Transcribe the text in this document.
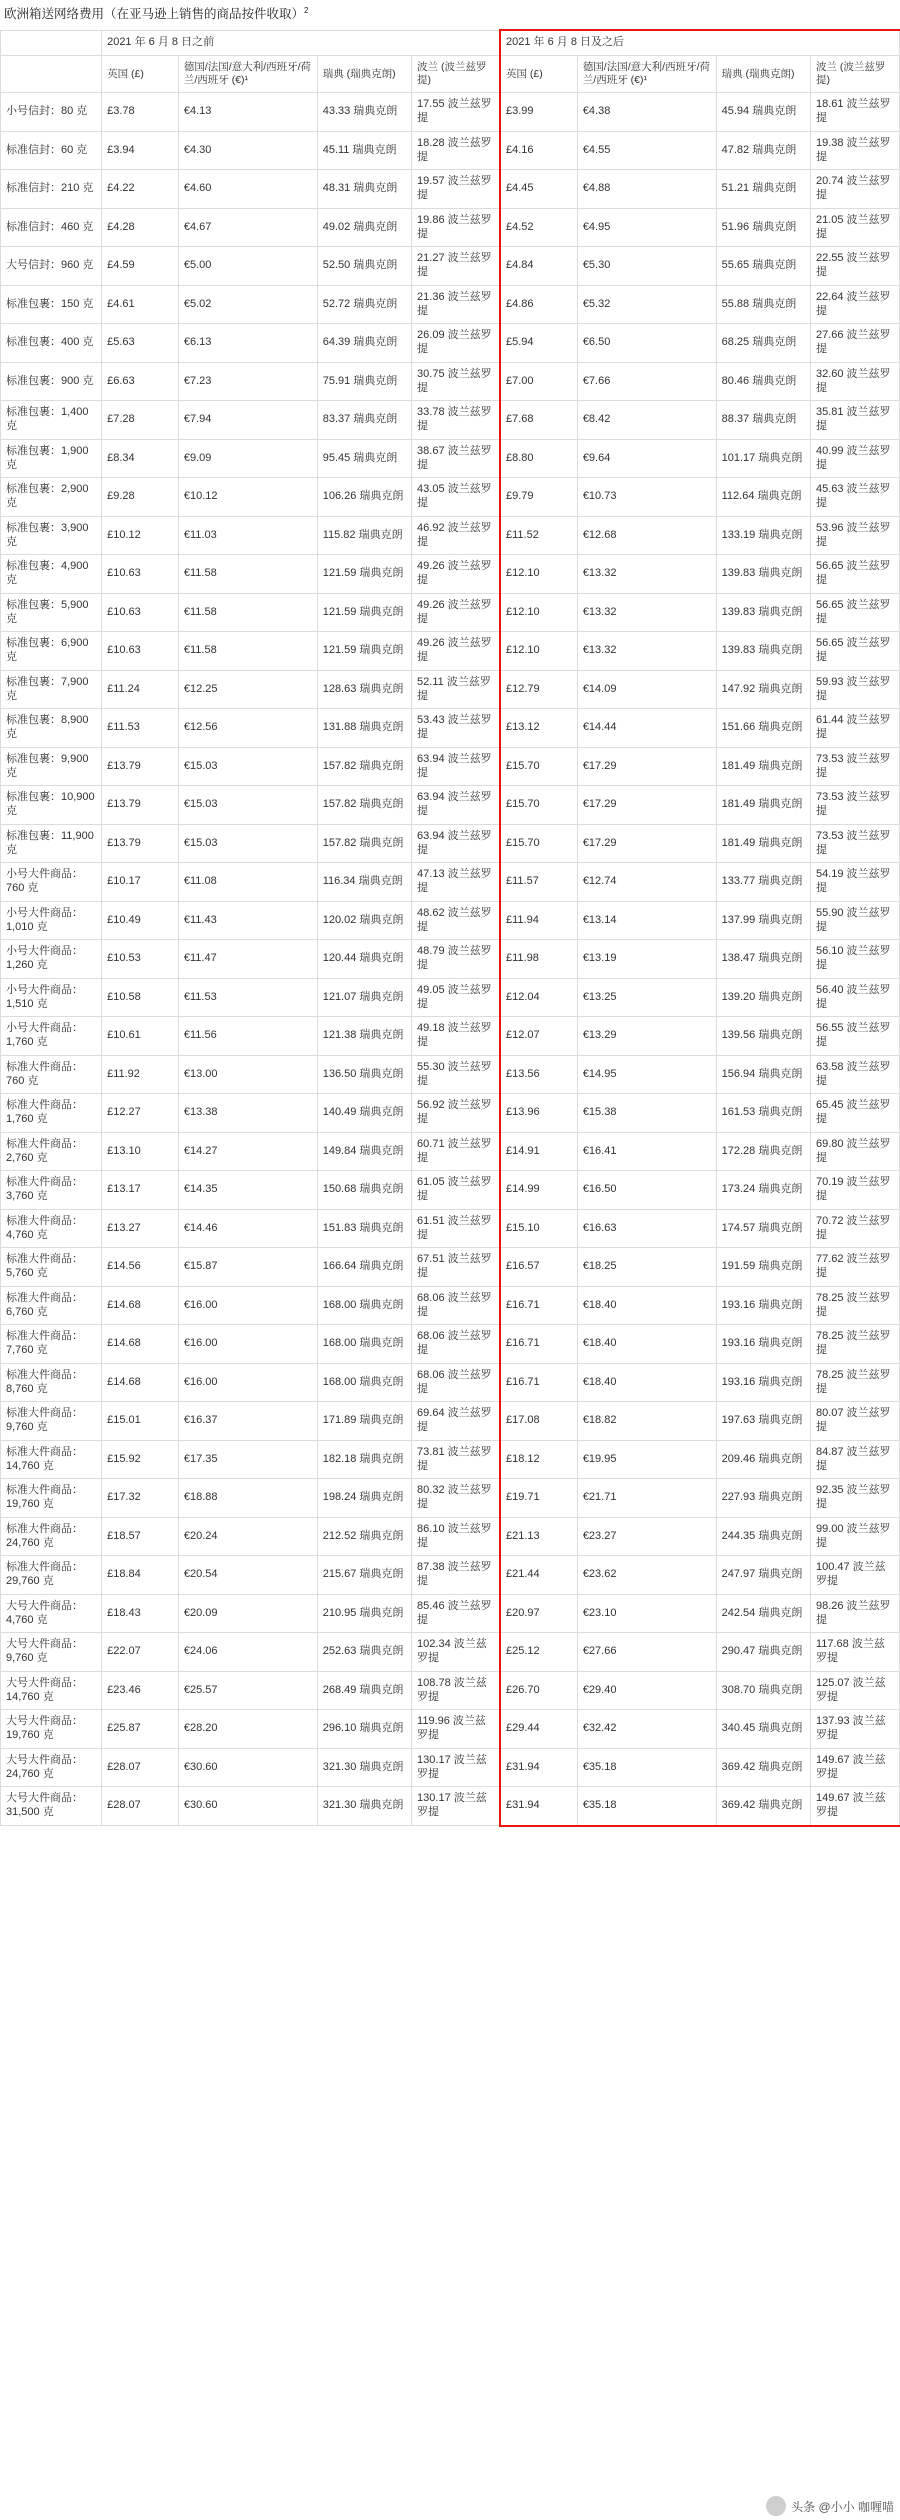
欧洲箱送网络费用（在亚马逊上销售的商品按件收取）$^2$
	2021 年 6 月 8 日之前				2021 年 6 月 8 日及之后			
	英国 (£)	德国/法国/意大利/西班牙/荷兰/西班牙 (€)¹	瑞典 (瑞典克朗)	波兰 (波兰兹罗提)	英国 (£)	德国/法国/意大利/西班牙/荷兰/西班牙 (€)¹	瑞典 (瑞典克朗)	波兰 (波兰兹罗提)
小号信封：80 克	£3.78	€4.13	43.33 瑞典克朗	17.55 波兰兹罗提	£3.99	€4.38	45.94 瑞典克朗	18.61 波兰兹罗提
标准信封：60 克	£3.94	€4.30	45.11 瑞典克朗	18.28 波兰兹罗提	£4.16	€4.55	47.82 瑞典克朗	19.38 波兰兹罗提
标准信封：210 克	£4.22	€4.60	48.31 瑞典克朗	19.57 波兰兹罗提	£4.45	€4.88	51.21 瑞典克朗	20.74 波兰兹罗提
标准信封：460 克	£4.28	€4.67	49.02 瑞典克朗	19.86 波兰兹罗提	£4.52	€4.95	51.96 瑞典克朗	21.05 波兰兹罗提
大号信封：960 克	£4.59	€5.00	52.50 瑞典克朗	21.27 波兰兹罗提	£4.84	€5.30	55.65 瑞典克朗	22.55 波兰兹罗提
标准包裹：150 克	£4.61	€5.02	52.72 瑞典克朗	21.36 波兰兹罗提	£4.86	€5.32	55.88 瑞典克朗	22.64 波兰兹罗提
标准包裹：400 克	£5.63	€6.13	64.39 瑞典克朗	26.09 波兰兹罗提	£5.94	€6.50	68.25 瑞典克朗	27.66 波兰兹罗提
标准包裹：900 克	£6.63	€7.23	75.91 瑞典克朗	30.75 波兰兹罗提	£7.00	€7.66	80.46 瑞典克朗	32.60 波兰兹罗提
标准包裹：1,400 克	£7.28	€7.94	83.37 瑞典克朗	33.78 波兰兹罗提	£7.68	€8.42	88.37 瑞典克朗	35.81 波兰兹罗提
标准包裹：1,900 克	£8.34	€9.09	95.45 瑞典克朗	38.67 波兰兹罗提	£8.80	€9.64	101.17 瑞典克朗	40.99 波兰兹罗提
标准包裹：2,900 克	£9.28	€10.12	106.26 瑞典克朗	43.05 波兰兹罗提	£9.79	€10.73	112.64 瑞典克朗	45.63 波兰兹罗提
标准包裹：3,900 克	£10.12	€11.03	115.82 瑞典克朗	46.92 波兰兹罗提	£11.52	€12.68	133.19 瑞典克朗	53.96 波兰兹罗提
标准包裹：4,900 克	£10.63	€11.58	121.59 瑞典克朗	49.26 波兰兹罗提	£12.10	€13.32	139.83 瑞典克朗	56.65 波兰兹罗提
标准包裹：5,900 克	£10.63	€11.58	121.59 瑞典克朗	49.26 波兰兹罗提	£12.10	€13.32	139.83 瑞典克朗	56.65 波兰兹罗提
标准包裹：6,900 克	£10.63	€11.58	121.59 瑞典克朗	49.26 波兰兹罗提	£12.10	€13.32	139.83 瑞典克朗	56.65 波兰兹罗提
标准包裹：7,900 克	£11.24	€12.25	128.63 瑞典克朗	52.11 波兰兹罗提	£12.79	€14.09	147.92 瑞典克朗	59.93 波兰兹罗提
标准包裹：8,900 克	£11.53	€12.56	131.88 瑞典克朗	53.43 波兰兹罗提	£13.12	€14.44	151.66 瑞典克朗	61.44 波兰兹罗提
标准包裹：9,900 克	£13.79	€15.03	157.82 瑞典克朗	63.94 波兰兹罗提	£15.70	€17.29	181.49 瑞典克朗	73.53 波兰兹罗提
标准包裹：10,900 克	£13.79	€15.03	157.82 瑞典克朗	63.94 波兰兹罗提	£15.70	€17.29	181.49 瑞典克朗	73.53 波兰兹罗提
标准包裹：11,900 克	£13.79	€15.03	157.82 瑞典克朗	63.94 波兰兹罗提	£15.70	€17.29	181.49 瑞典克朗	73.53 波兰兹罗提
小号大件商品：760 克	£10.17	€11.08	116.34 瑞典克朗	47.13 波兰兹罗提	£11.57	€12.74	133.77 瑞典克朗	54.19 波兰兹罗提
小号大件商品：1,010 克	£10.49	€11.43	120.02 瑞典克朗	48.62 波兰兹罗提	£11.94	€13.14	137.99 瑞典克朗	55.90 波兰兹罗提
小号大件商品：1,260 克	£10.53	€11.47	120.44 瑞典克朗	48.79 波兰兹罗提	£11.98	€13.19	138.47 瑞典克朗	56.10 波兰兹罗提
小号大件商品：1,510 克	£10.58	€11.53	121.07 瑞典克朗	49.05 波兰兹罗提	£12.04	€13.25	139.20 瑞典克朗	56.40 波兰兹罗提
小号大件商品：1,760 克	£10.61	€11.56	121.38 瑞典克朗	49.18 波兰兹罗提	£12.07	€13.29	139.56 瑞典克朗	56.55 波兰兹罗提
标准大件商品：760 克	£11.92	€13.00	136.50 瑞典克朗	55.30 波兰兹罗提	£13.56	€14.95	156.94 瑞典克朗	63.58 波兰兹罗提
标准大件商品：1,760 克	£12.27	€13.38	140.49 瑞典克朗	56.92 波兰兹罗提	£13.96	€15.38	161.53 瑞典克朗	65.45 波兰兹罗提
标准大件商品：2,760 克	£13.10	€14.27	149.84 瑞典克朗	60.71 波兰兹罗提	£14.91	€16.41	172.28 瑞典克朗	69.80 波兰兹罗提
标准大件商品：3,760 克	£13.17	€14.35	150.68 瑞典克朗	61.05 波兰兹罗提	£14.99	€16.50	173.24 瑞典克朗	70.19 波兰兹罗提
标准大件商品：4,760 克	£13.27	€14.46	151.83 瑞典克朗	61.51 波兰兹罗提	£15.10	€16.63	174.57 瑞典克朗	70.72 波兰兹罗提
标准大件商品：5,760 克	£14.56	€15.87	166.64 瑞典克朗	67.51 波兰兹罗提	£16.57	€18.25	191.59 瑞典克朗	77.62 波兰兹罗提
标准大件商品：6,760 克	£14.68	€16.00	168.00 瑞典克朗	68.06 波兰兹罗提	£16.71	€18.40	193.16 瑞典克朗	78.25 波兰兹罗提
标准大件商品：7,760 克	£14.68	€16.00	168.00 瑞典克朗	68.06 波兰兹罗提	£16.71	€18.40	193.16 瑞典克朗	78.25 波兰兹罗提
标准大件商品：8,760 克	£14.68	€16.00	168.00 瑞典克朗	68.06 波兰兹罗提	£16.71	€18.40	193.16 瑞典克朗	78.25 波兰兹罗提
标准大件商品：9,760 克	£15.01	€16.37	171.89 瑞典克朗	69.64 波兰兹罗提	£17.08	€18.82	197.63 瑞典克朗	80.07 波兰兹罗提
标准大件商品：14,760 克	£15.92	€17.35	182.18 瑞典克朗	73.81 波兰兹罗提	£18.12	€19.95	209.46 瑞典克朗	84.87 波兰兹罗提
标准大件商品：19,760 克	£17.32	€18.88	198.24 瑞典克朗	80.32 波兰兹罗提	£19.71	€21.71	227.93 瑞典克朗	92.35 波兰兹罗提
标准大件商品：24,760 克	£18.57	€20.24	212.52 瑞典克朗	86.10 波兰兹罗提	£21.13	€23.27	244.35 瑞典克朗	99.00 波兰兹罗提
标准大件商品：29,760 克	£18.84	€20.54	215.67 瑞典克朗	87.38 波兰兹罗提	£21.44	€23.62	247.97 瑞典克朗	100.47 波兰兹罗提
大号大件商品：4,760 克	£18.43	€20.09	210.95 瑞典克朗	85.46 波兰兹罗提	£20.97	€23.10	242.54 瑞典克朗	98.26 波兰兹罗提
大号大件商品：9,760 克	£22.07	€24.06	252.63 瑞典克朗	102.34 波兰兹罗提	£25.12	€27.66	290.47 瑞典克朗	117.68 波兰兹罗提
大号大件商品：14,760 克	£23.46	€25.57	268.49 瑞典克朗	108.78 波兰兹罗提	£26.70	€29.40	308.70 瑞典克朗	125.07 波兰兹罗提
大号大件商品：19,760 克	£25.87	€28.20	296.10 瑞典克朗	119.96 波兰兹罗提	£29.44	€32.42	340.45 瑞典克朗	137.93 波兰兹罗提
大号大件商品：24,760 克	£28.07	€30.60	321.30 瑞典克朗	130.17 波兰兹罗提	£31.94	€35.18	369.42 瑞典克朗	149.67 波兰兹罗提
大号大件商品：31,500 克	£28.07	€30.60	321.30 瑞典克朗	130.17 波兰兹罗提	£31.94	€35.18	369.42 瑞典克朗	149.67 波兰兹罗提
头条 @小小 咖喱喵
